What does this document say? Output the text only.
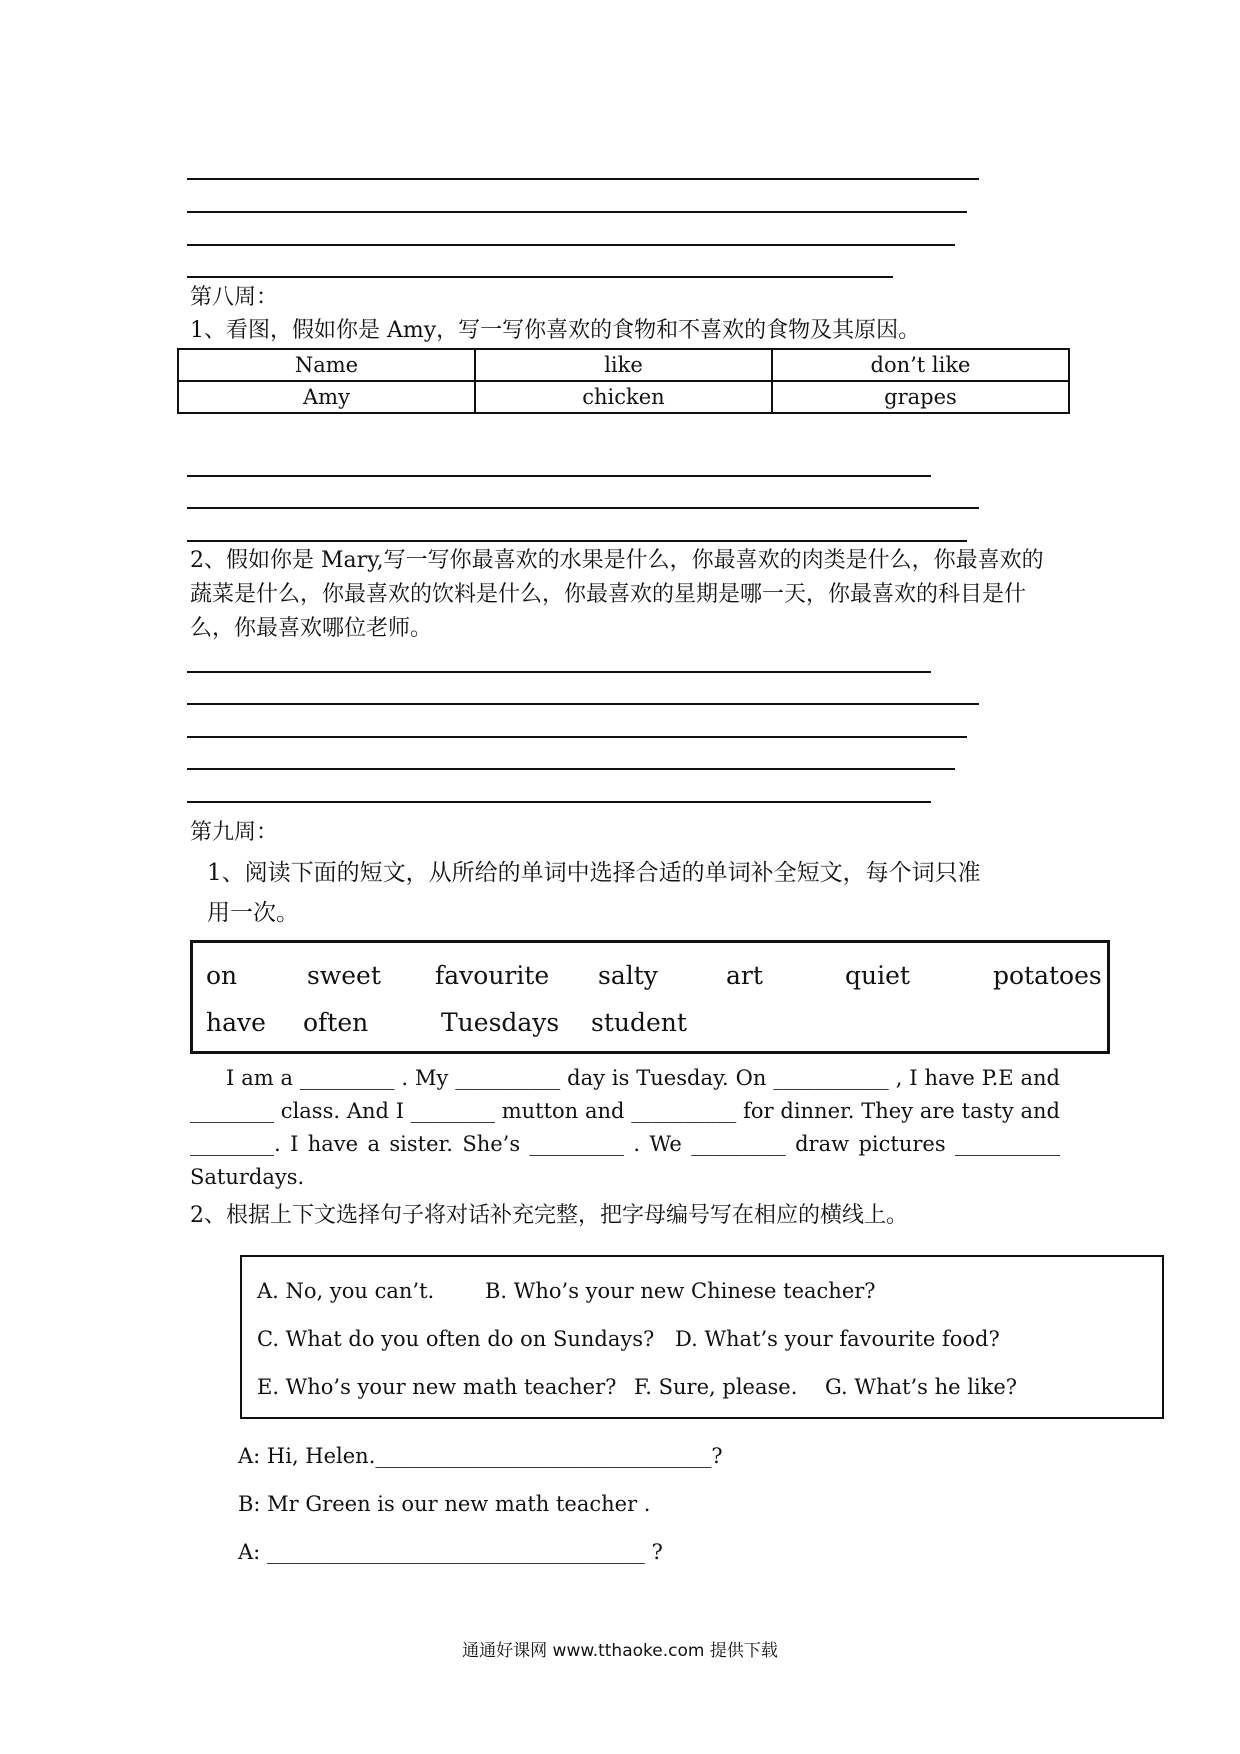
第八周：
1、看图，假如你是 Amy，写一写你喜欢的食物和不喜欢的食物及其原因。
Name	like	don’t like
Amy	chicken	grapes
2、假如你是 Mary,写一写你最喜欢的水果是什么，你最喜欢的肉类是什么，你最喜欢的蔬菜是什么，你最喜欢的饮料是什么，你最喜欢的星期是哪一天，你最喜欢的科目是什么，你最喜欢哪位老师。
第九周：
1、阅读下面的短文，从所给的单词中选择合适的单词补全短文，每个词只准
用一次。
on	sweet favourite salty	art	quiet	potatoes
have often	Tuesdays student
I am a _________ . My __________ day is Tuesday. On ___________ , I have P.E and ________ class. And I ________ mutton and __________ for dinner. They are tasty and ________. I have a sister. She’s _________ . We _________ draw pictures __________ Saturdays.
2、根据上下文选择句子将对话补充完整，把字母编号写在相应的横线上。
A. No, you can’t. B. Who’s your new Chinese teacher?
C. What do you often do on Sundays? D. What’s your favourite food?
E. Who’s your new math teacher? F. Sure, please. G. What’s he like?
A: Hi, Helen.________________________________?
B: Mr Green is our new math teacher .
A: ____________________________________ ?
通通好课网 www.tthaoke.com 提供下载
